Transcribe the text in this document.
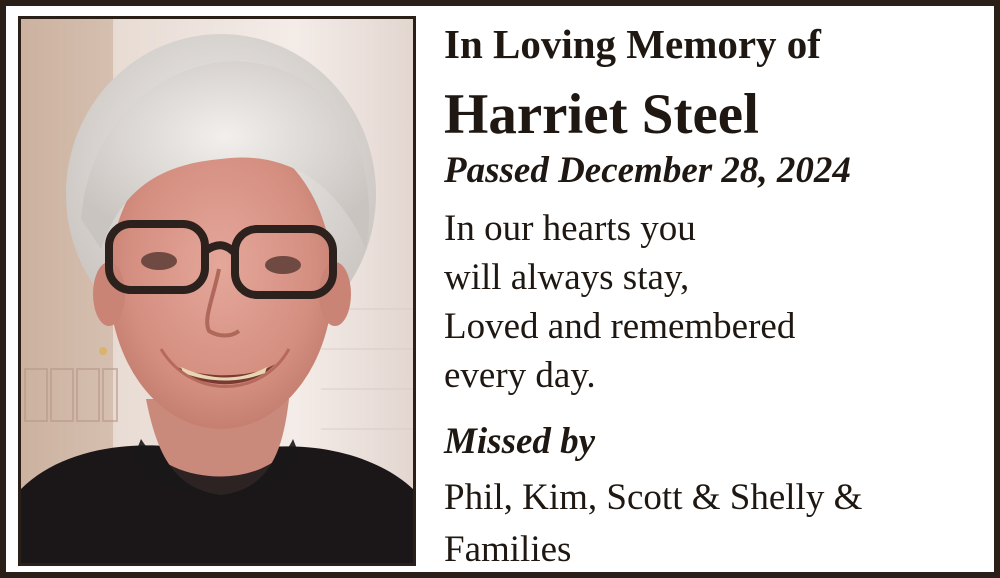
In Loving Memory of
Harriet Steel
Passed December 28, 2024
In our hearts you
will always stay,
Loved and remembered
every day.
Missed by
Phil, Kim, Scott & Shelly &
Families
